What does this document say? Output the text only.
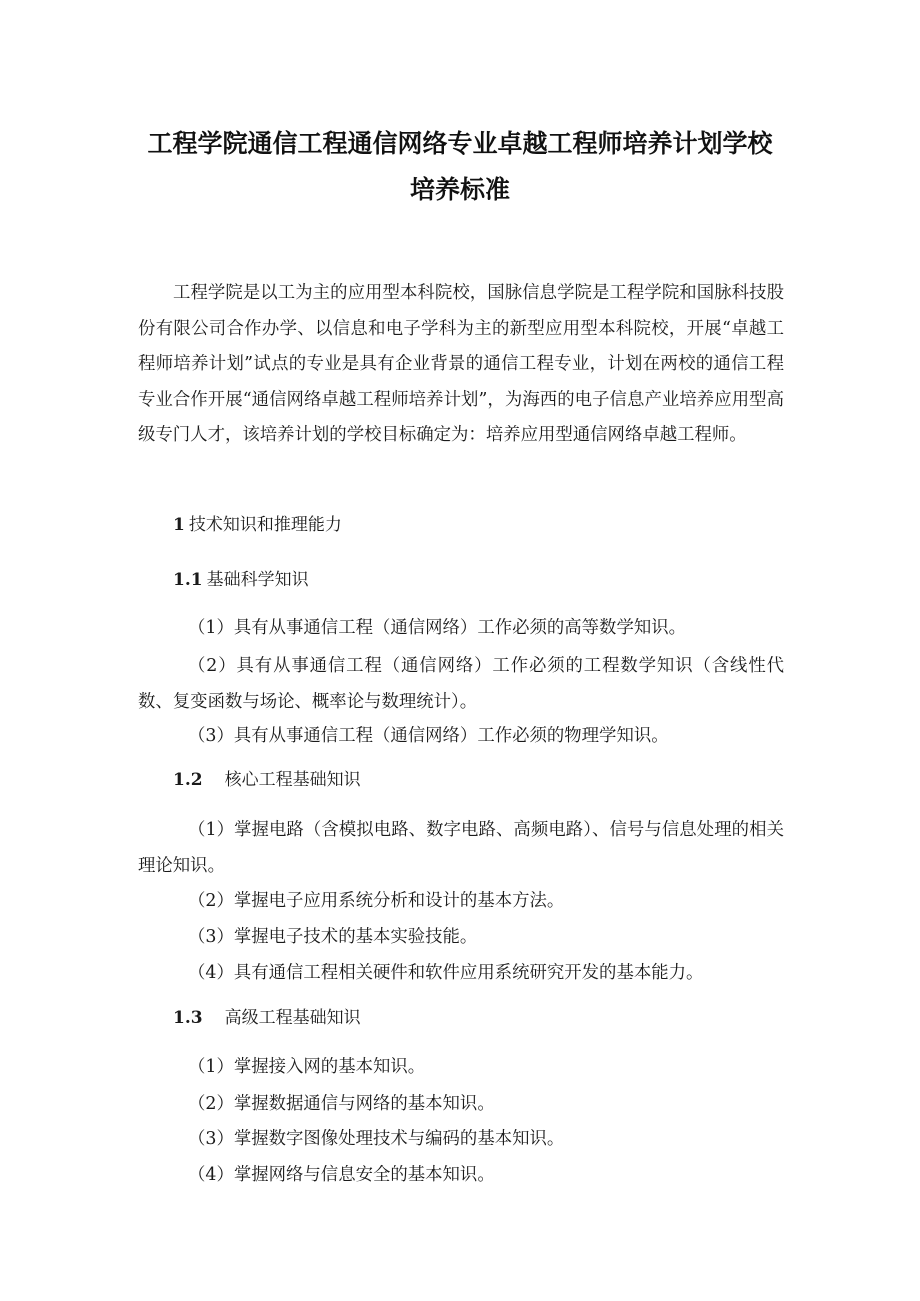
工程学院通信工程通信网络专业卓越工程师培养计划学校
培养标准

工程学院是以工为主的应用型本科院校，国脉信息学院是工程学院和国脉科技股份有限公司合作办学、以信息和电子学科为主的新型应用型本科院校，开展“卓越工程师培养计划”试点的专业是具有企业背景的通信工程专业，计划在两校的通信工程专业合作开展“通信网络卓越工程师培养计划”，为海西的电子信息产业培养应用型高级专门人才，该培养计划的学校目标确定为：培养应用型通信网络卓越工程师。

1 技术知识和推理能力
1.1 基础科学知识

（1）具有从事通信工程（通信网络）工作必须的高等数学知识。

（2）具有从事通信工程（通信网络）工作必须的工程数学知识（含线性代数、复变函数与场论、概率论与数理统计）。

（3）具有从事通信工程（通信网络）工作必须的物理学知识。

1.2 核心工程基础知识

（1）掌握电路（含模拟电路、数字电路、高频电路）、信号与信息处理的相关理论知识。

（2）掌握电子应用系统分析和设计的基本方法。

（3）掌握电子技术的基本实验技能。

（4）具有通信工程相关硬件和软件应用系统研究开发的基本能力。

1.3 高级工程基础知识

（1）掌握接入网的基本知识。

（2）掌握数据通信与网络的基本知识。

（3）掌握数字图像处理技术与编码的基本知识。

（4）掌握网络与信息安全的基本知识。
